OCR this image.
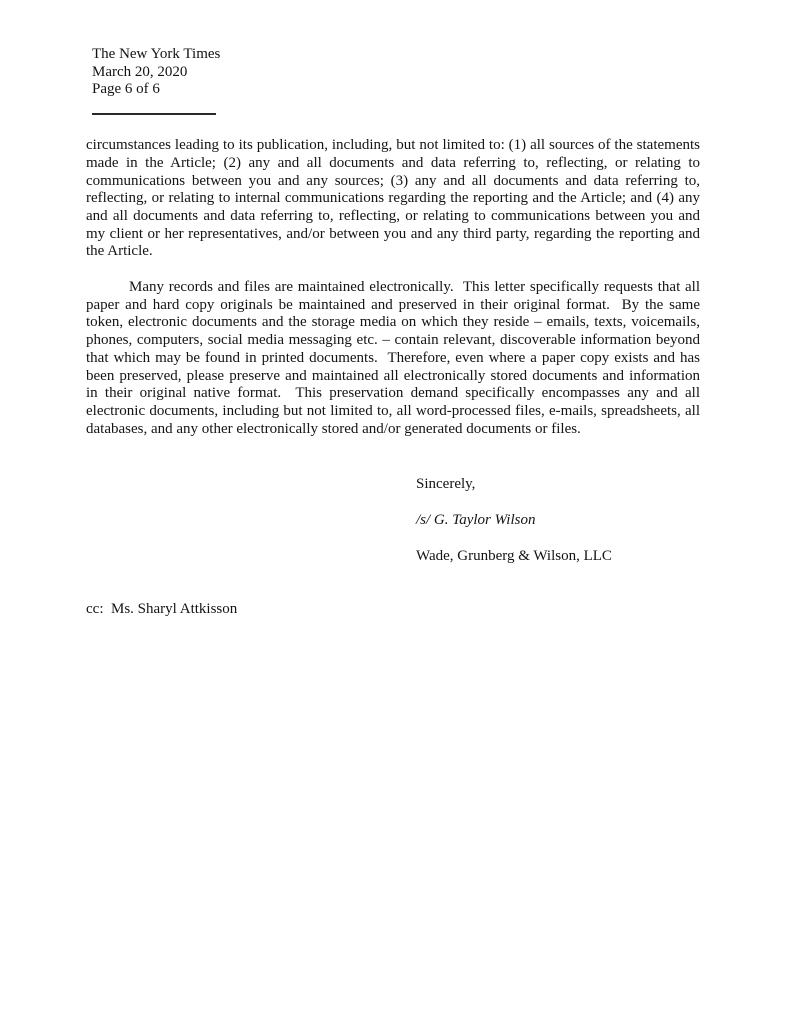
The New York Times
March 20, 2020
Page 6 of 6

circumstances leading to its publication, including, but not limited to: (1) all sources of the statements made in the Article; (2) any and all documents and data referring to, reflecting, or relating to communications between you and any sources; (3) any and all documents and data referring to, reflecting, or relating to internal communications regarding the reporting and the Article; and (4) any and all documents and data referring to, reflecting, or relating to communications between you and my client or her representatives, and/or between you and any third party, regarding the reporting and the Article.

Many records and files are maintained electronically.  This letter specifically requests that all paper and hard copy originals be maintained and preserved in their original format.  By the same token, electronic documents and the storage media on which they reside – emails, texts, voicemails, phones, computers, social media messaging etc. – contain relevant, discoverable information beyond that which may be found in printed documents.  Therefore, even where a paper copy exists and has been preserved, please preserve and maintained all electronically stored documents and information in their original native format.  This preservation demand specifically encompasses any and all electronic documents, including but not limited to, all word-processed files, e-mails, spreadsheets, all databases, and any other electronically stored and/or generated documents or files.

Sincerely,

/s/ G. Taylor Wilson

Wade, Grunberg & Wilson, LLC

cc:  Ms. Sharyl Attkisson
